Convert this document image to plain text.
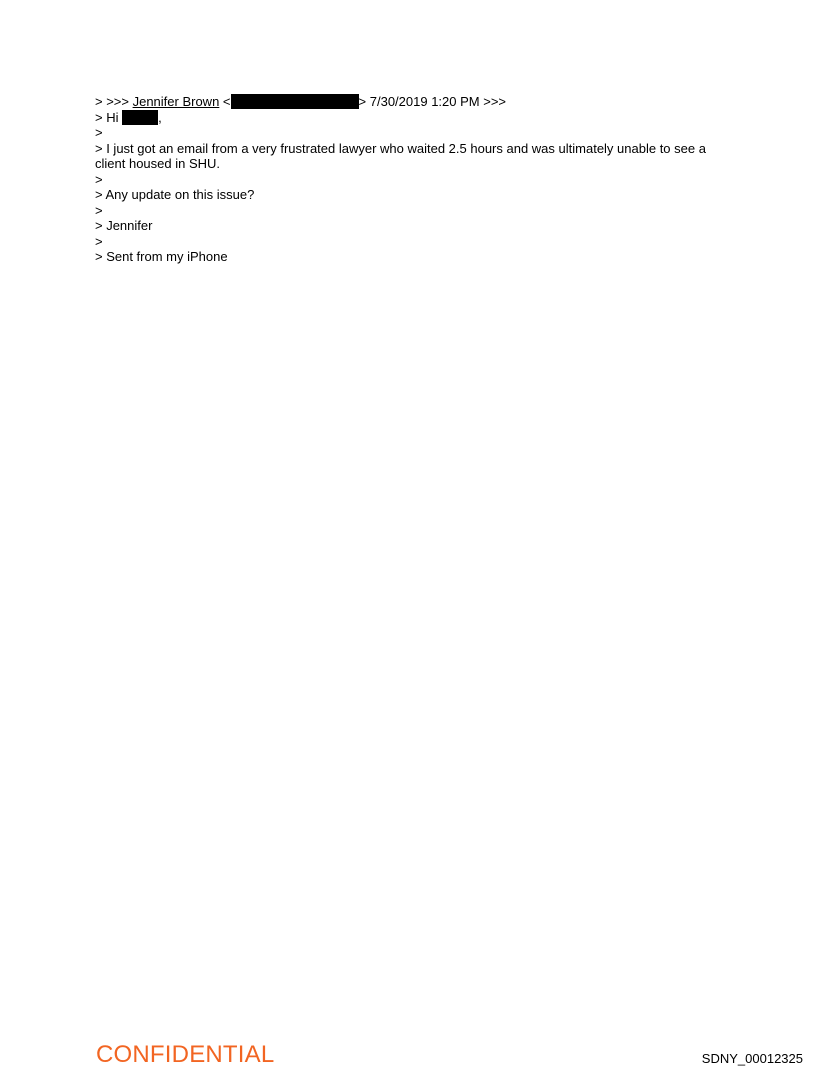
> >>> Jennifer Brown <	> 7/30/2019 1:20 PM >>>
> Hi	,
>
> I just got an email from a very frustrated lawyer who waited 2.5 hours and was ultimately unable to see a client housed in SHU.
>
> Any update on this issue?
>
> Jennifer
>
> Sent from my iPhone
CONFIDENTIAL	SDNY_00012325
